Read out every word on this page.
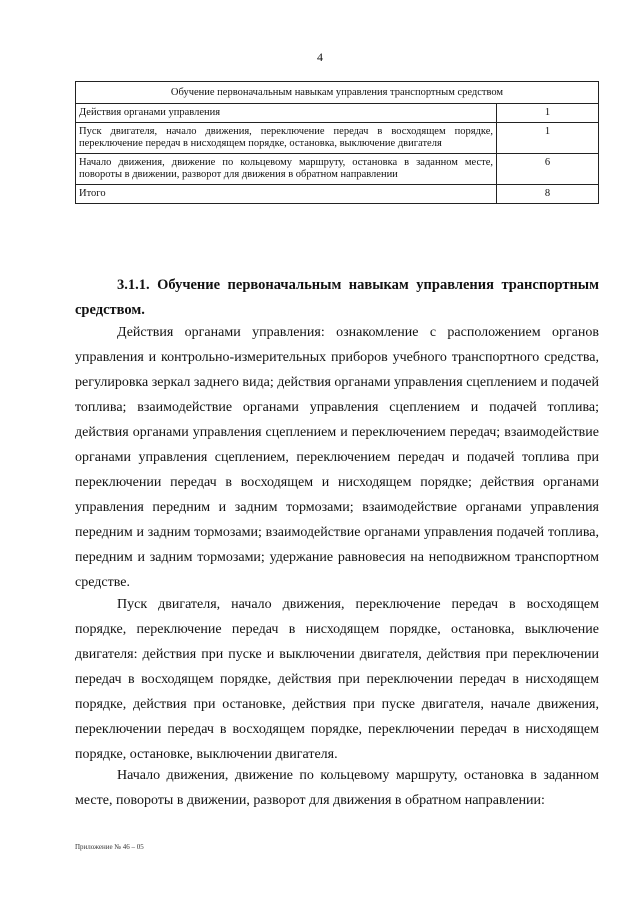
4
Обучение первоначальным навыкам управления транспортным средством	
Действия органами управления	1
Пуск двигателя, начало движения, переключение передач в восходящем порядке, переключение передач в нисходящем порядке, остановка, выключение двигателя	1
Начало движения, движение по кольцевому маршруту, остановка в заданном месте, повороты в движении, разворот для движения в обратном направлении	6
Итого	8
3.1.1. Обучение первоначальным навыкам управления транспортным средством.

Действия органами управления: ознакомление с расположением органов управления и контрольно-измерительных приборов учебного транспортного средства, регулировка зеркал заднего вида; действия органами управления сцеплением и подачей топлива; взаимодействие органами управления сцеплением и подачей топлива; действия органами управления сцеплением и переключением передач; взаимодействие органами управления сцеплением, переключением передач и подачей топлива при переключении передач в восходящем и нисходящем порядке; действия органами управления передним и задним тормозами; взаимодействие органами управления передним и задним тормозами; взаимодействие органами управления подачей топлива, передним и задним тормозами; удержание равновесия на неподвижном транспортном средстве.

Пуск двигателя, начало движения, переключение передач в восходящем порядке, переключение передач в нисходящем порядке, остановка, выключение двигателя: действия при пуске и выключении двигателя, действия при переключении передач в восходящем порядке, действия при переключении передач в нисходящем порядке, действия при остановке, действия при пуске двигателя, начале движения, переключении передач в восходящем порядке, переключении передач в нисходящем порядке, остановке, выключении двигателя.

Начало движения, движение по кольцевому маршруту, остановка в заданном месте, повороты в движении, разворот для движения в обратном направлении:

Приложение № 46 – 05
